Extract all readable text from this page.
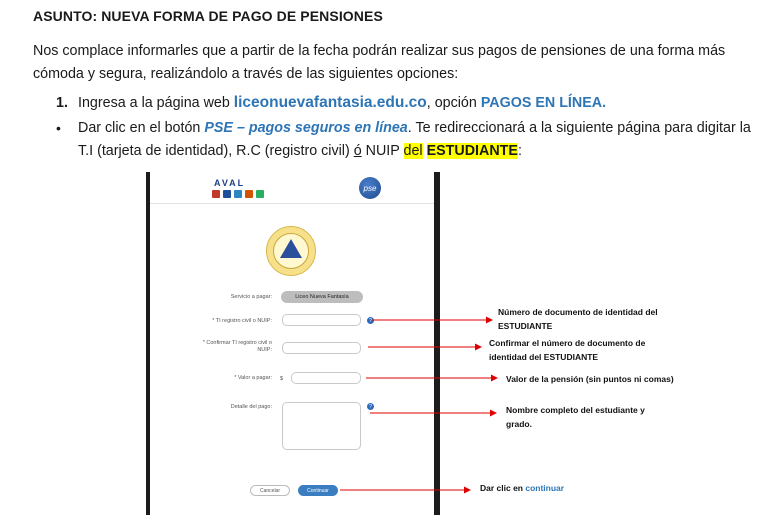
ASUNTO: NUEVA FORMA DE PAGO DE PENSIONES
Nos complace informarles que a partir de la fecha podrán realizar sus pagos de pensiones de una forma más cómoda y segura, realizándolo a través de las siguientes opciones:
1. Ingresa a la página web liceonuevafantasia.edu.co, opción PAGOS EN LÍNEA.
•	Dar clic en el botón PSE – pagos seguros en línea. Te redireccionará a la siguiente página para digitar la
T.I (tarjeta de identidad), R.C (registro civil) ó NUIP del ESTUDIANTE:
AVAL	pse
Servicio a pagar:	Liceo Nueva Fantasía
* TI registro civil o NUIP:	?
* Confirmar TI registro civil o
NUIP:
* Valor a pagar: $
Detalle del pago:	?
Cancelar	Continuar
Número de documento de identidad del
ESTUDIANTE
Confirmar el número de documento de
identidad del ESTUDIANTE
Valor de la pensión (sin puntos ni comas)
Nombre completo del estudiante y
grado.
Dar clic en continuar
